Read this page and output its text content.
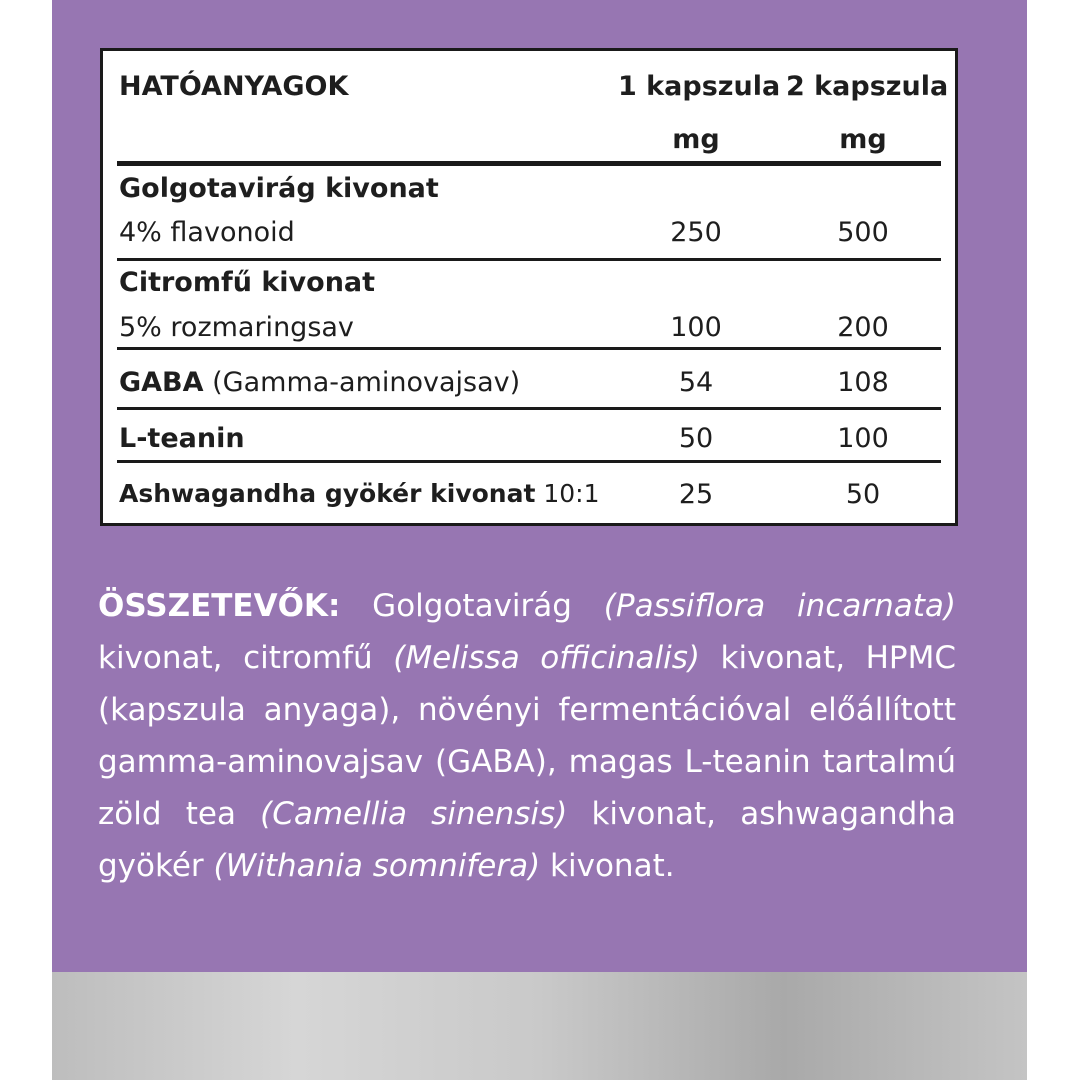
HATÓANYAGOK	1 kapszula 2 kapszula
mg	mg
Golgotavirág kivonat
4% flavonoid	250	500
Citromfű kivonat
5% rozmaringsav	100	200
GABA (Gamma-aminovajsav)	54	108
L-teanin	50	100
Ashwagandha gyökér kivonat 10:1	25	50
ÖSSZETEVŐK: Golgotavirág (Passiflora incarnata) kivonat, citromfű (Melissa officinalis) kivonat, HPMC (kapszula anyaga), növényi fermentációval előállított gamma-aminovajsav (GABA), magas L-teanin tartalmú zöld tea (Camellia sinensis) kivonat, ashwagandha gyökér (Withania somnifera) kivonat.
